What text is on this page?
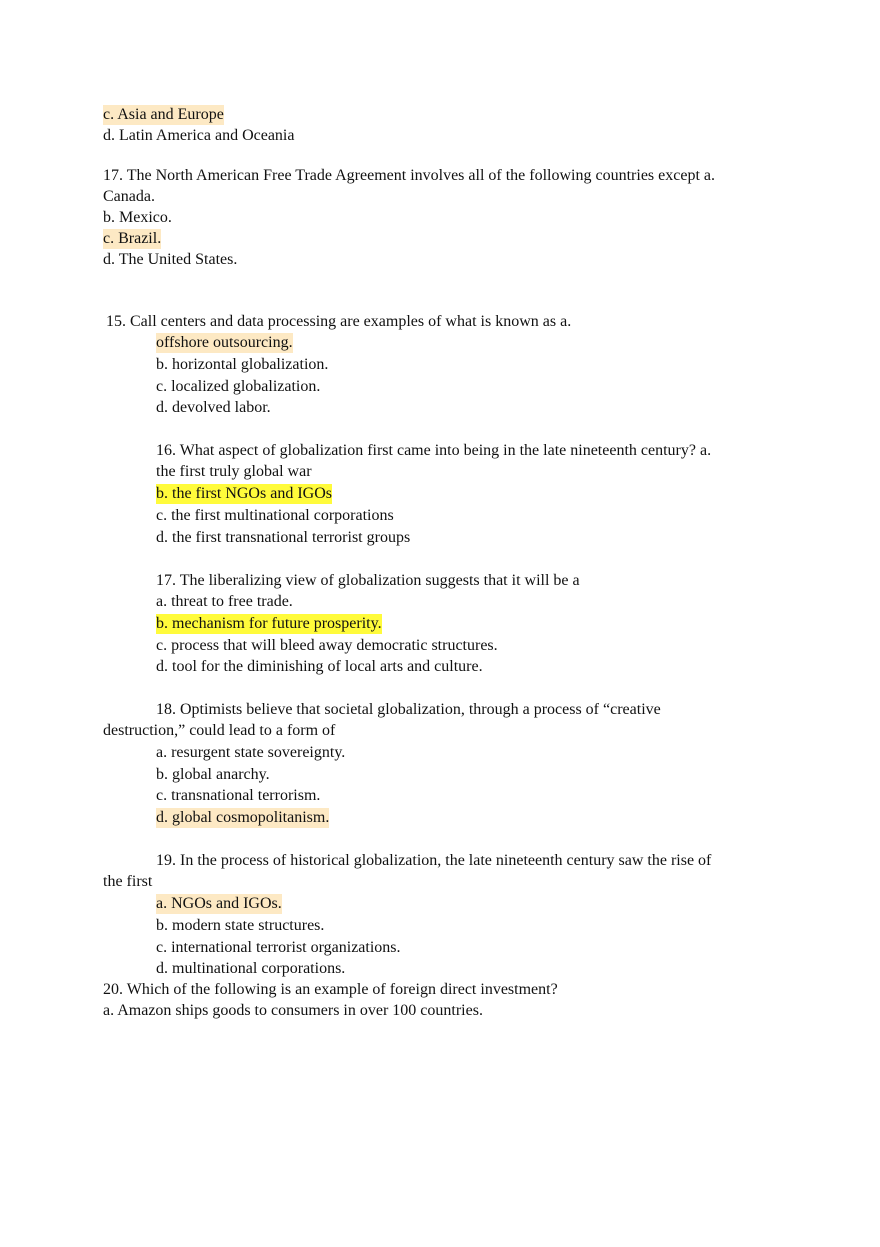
c. Asia and Europe
d. Latin America and Oceania
17. The North American Free Trade Agreement involves all of the following countries except a.
Canada.
b. Mexico.
c. Brazil.
d. The United States.
15. Call centers and data processing are examples of what is known as a.
offshore outsourcing.
b. horizontal globalization.
c. localized globalization.
d. devolved labor.
16. What aspect of globalization first came into being in the late nineteenth century? a.
the first truly global war
b. the first NGOs and IGOs
c. the first multinational corporations
d. the first transnational terrorist groups
17. The liberalizing view of globalization suggests that it will be a
a. threat to free trade.
b. mechanism for future prosperity.
c. process that will bleed away democratic structures.
d. tool for the diminishing of local arts and culture.
18. Optimists believe that societal globalization, through a process of “creative
destruction,” could lead to a form of
a. resurgent state sovereignty.
b. global anarchy.
c. transnational terrorism.
d. global cosmopolitanism.
19. In the process of historical globalization, the late nineteenth century saw the rise of
the first
a. NGOs and IGOs.
b. modern state structures.
c. international terrorist organizations.
d. multinational corporations.
20. Which of the following is an example of foreign direct investment?
a. Amazon ships goods to consumers in over 100 countries.
